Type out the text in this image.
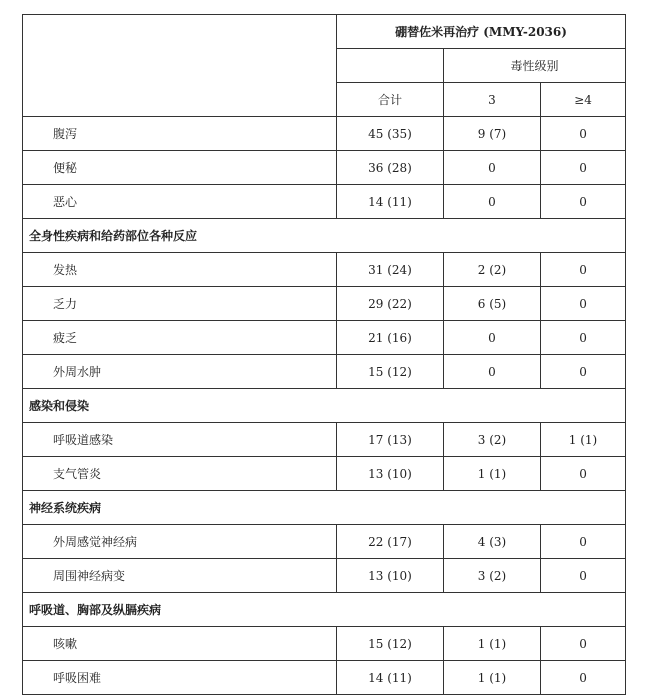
	硼替佐米再治疗 (MMY-2036)		
		毒性级别	
	合计	3	≥4
腹泻	45 (35)	9 (7)	0
便秘	36 (28)	0	0
恶心	14 (11)	0	0
全身性疾病和给药部位各种反应			
发热	31 (24)	2 (2)	0
乏力	29 (22)	6 (5)	0
疲乏	21 (16)	0	0
外周水肿	15 (12)	0	0
感染和侵染			
呼吸道感染	17 (13)	3 (2)	1 (1)
支气管炎	13 (10)	1 (1)	0
神经系统疾病			
外周感觉神经病	22 (17)	4 (3)	0
周围神经病变	13 (10)	3 (2)	0
呼吸道、胸部及纵膈疾病			
咳嗽	15 (12)	1 (1)	0
呼吸困难	14 (11)	1 (1)	0
